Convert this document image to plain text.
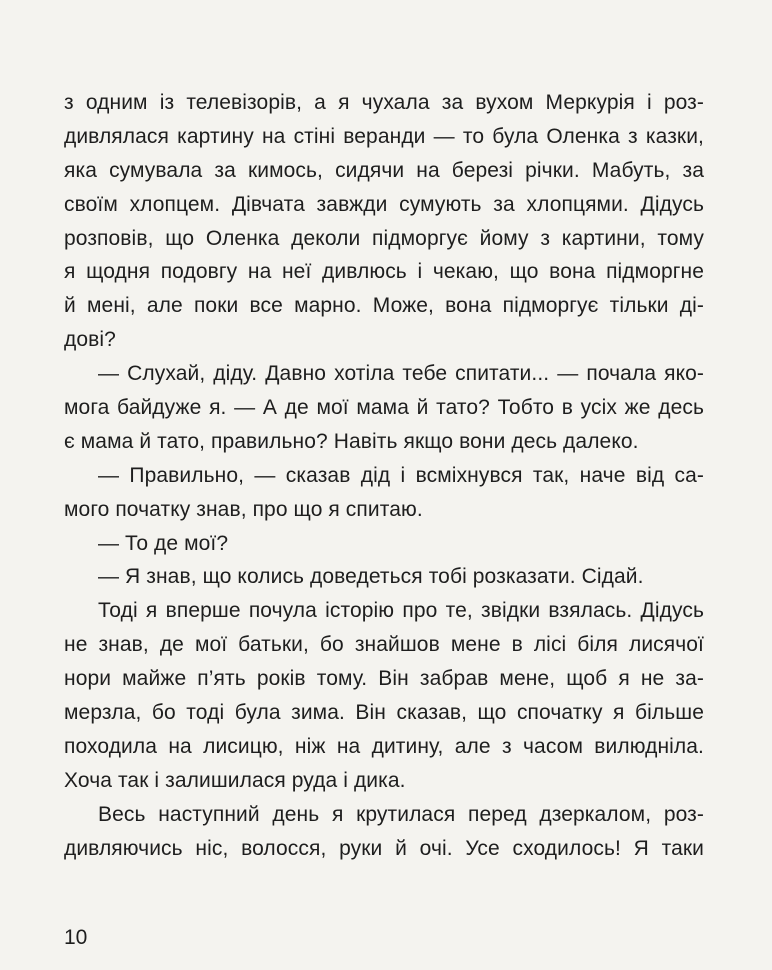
з одним із телевізорів, а я чухала за вухом Меркурія і роз-
дивлялася картину на стіні веранди — то була Оленка з казки,
яка сумувала за кимось, сидячи на березі річки. Мабуть, за
своїм хлопцем. Дівчата завжди сумують за хлопцями. Дідусь
розповів, що Оленка деколи підморгує йому з картини, тому
я щодня подовгу на неї дивлюсь і чекаю, що вона підморгне
й мені, але поки все марно. Може, вона підморгує тільки ді-
дові?
— Слухай, діду. Давно хотіла тебе спитати... — почала яко-
мога байдуже я. — А де мої мама й тато? Тобто в усіх же десь
є мама й тато, правильно? Навіть якщо вони десь далеко.
— Правильно, — сказав дід і всміхнувся так, наче від са-
мого початку знав, про що я спитаю.
— То де мої?
— Я знав, що колись доведеться тобі розказати. Сідай.
Тоді я вперше почула історію про те, звідки взялась. Дідусь
не знав, де мої батьки, бо знайшов мене в лісі біля лисячої
нори майже п’ять років тому. Він забрав мене, щоб я не за-
мерзла, бо тоді була зима. Він сказав, що спочатку я більше
походила на лисицю, ніж на дитину, але з часом вилюдніла.
Хоча так і залишилася руда і дика.
Весь наступний день я крутилася перед дзеркалом, роз-
дивляючись ніс, волосся, руки й очі. Усе сходилось! Я таки
10
